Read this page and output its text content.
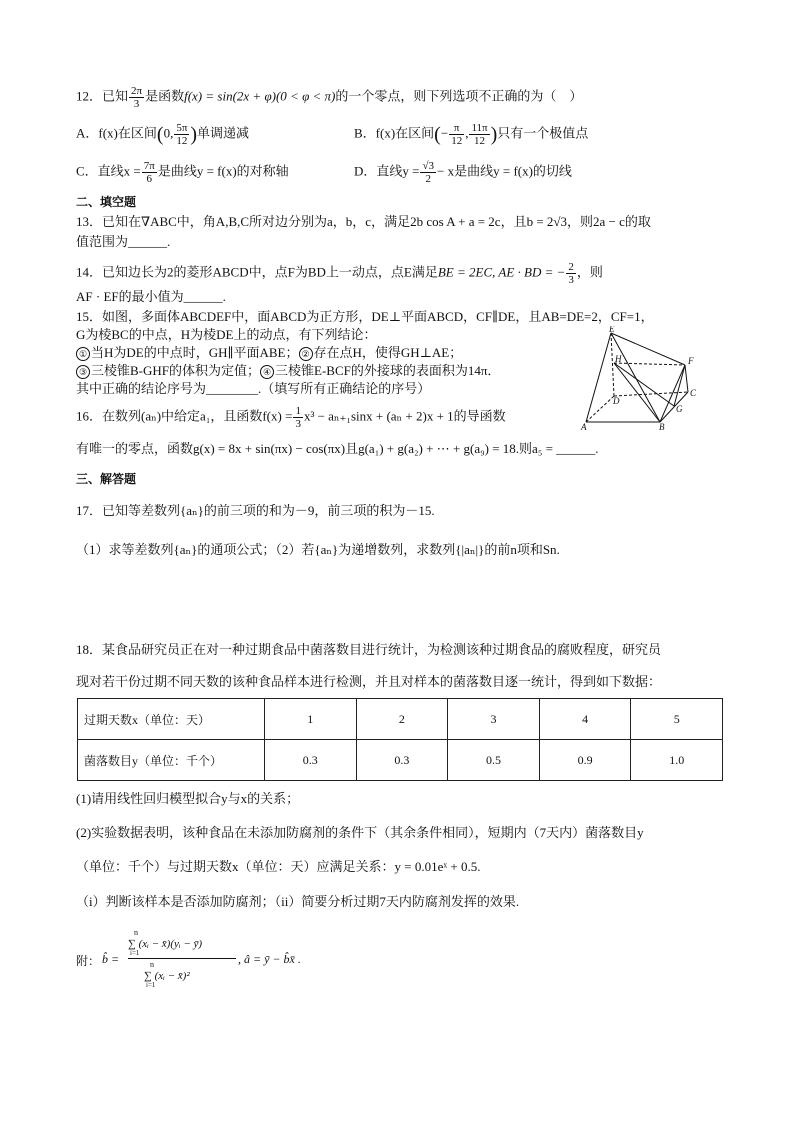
12．已知 $\frac{2\pi}{3}$ 是函数f(x) = sin(2x + φ)(0 < φ < π)的一个零点，则下列选项不正确的为（　）
A．f(x)在区间(0, $\frac{5\pi}{12}$ )单调递减	B．f(x)在区间(− $\frac{\pi}{12}$ , $\frac{11\pi}{12}$ )只有一个极值点
C．直线$x = \frac{7\pi}{6}$ 是曲线y = f(x)的对称轴	D．直线$y = \frac{√3}{2} - x$是曲线y = f(x)的切线
二、填空题
13．已知在∇ABC中，角A,B,C所对边分别为a，b，c，满足2b cos A + a = 2c，且b = 2√3，则2a − c的取
值范围为______.
14．已知边长为2的菱形ABCD中，点F为BD上一动点，点E满足BE = 2EC, AE · BD = − $\frac{2}{3}$ ，则
AF · EF的最小值为______.
15．如图，多面体ABCDEF中，面ABCD为正方形，DE⊥平面ABCD，CF∥DE，且AB=DE=2，CF=1，
G为棱BC的中点，H为棱DE上的动点，有下列结论：
① 当H为DE的中点时，GH∥平面ABE； ② 存在点H，使得GH⊥AE；
③ 三棱锥B-GHF的体积为定值； ④ 三棱锥E-BCF的外接球的表面积为14π．
其中正确的结论序号为________.（填写所有正确结论的序号）
E
H	F
D
C
G
A	B
16．在数列(aₙ)中给定a₁，且函数$f(x) = \frac{1}{3} x^3 - a_{n+1}\sin x + (a_n + 2)x + 1$的导函数
有唯一的零点，函数g(x) = 8x + sin(πx) − cos(πx)且g(a₁) + g(a₂) + ⋯ + g(a₉) = 18.则a₅ = ______.
三、解答题
17．已知等差数列{aₙ}的前三项的和为－9，前三项的积为－15.
（1）求等差数列{aₙ}的通项公式；（2）若{aₙ}为递增数列，求数列{|aₙ|}的前n项和Sn.
18．某食品研究员正在对一种过期食品中菌落数目进行统计，为检测该种过期食品的腐败程度，研究员
现对若干份过期不同天数的该种食品样本进行检测，并且对样本的菌落数目逐一统计，得到如下数据：
过期天数x（单位：天）	1	2	3	4	5
菌落数目y（单位：千个）	0.3	0.3	0.5	0.9	1.0
(1)请用线性回归模型拟合y与x的关系；
(2)实验数据表明，该种食品在未添加防腐剂的条件下（其余条件相同），短期内（7天内）菌落数目y
（单位：千个）与过期天数x（单位：天）应满足关系：y = 0.01eˣ + 0.5.
（i）判断该样本是否添加防腐剂；（ii）简要分析过期7天内防腐剂发挥的效果.
附： b̂ =
n
∑ (xᵢ − x̄)(yᵢ − ȳ)
i=1
n
∑ (xᵢ − x̄)²
i=1
, â = ȳ − b̂x̄ .
